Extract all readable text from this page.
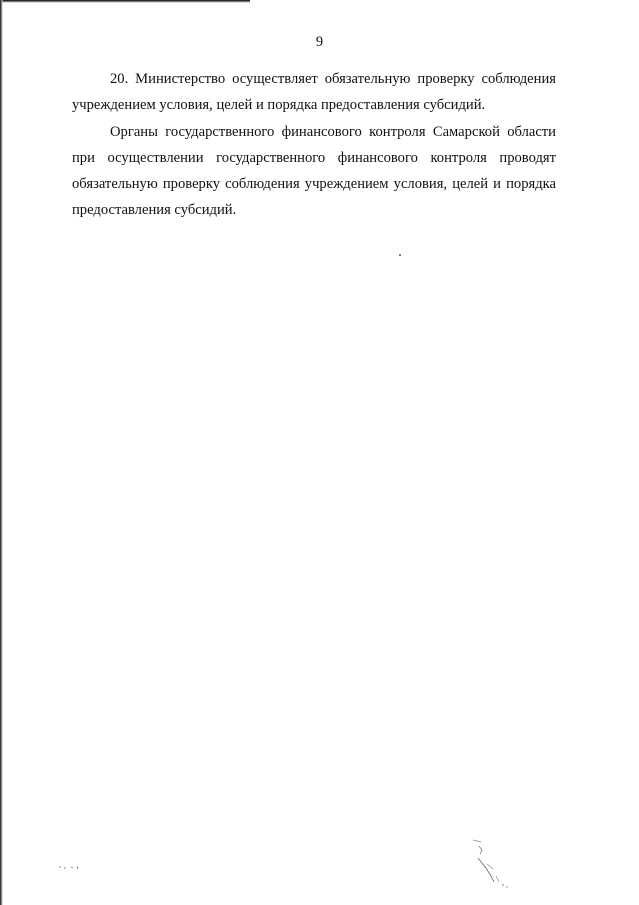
9

20. Министерство осуществляет обязательную проверку соблюдения учреждением условия, целей и порядка предоставления субсидий.

Органы государственного финансового контроля Самарской области при осуществлении государственного финансового контроля проводят обязательную проверку соблюдения учреждением условия, целей и порядка предоставления субсидий.
